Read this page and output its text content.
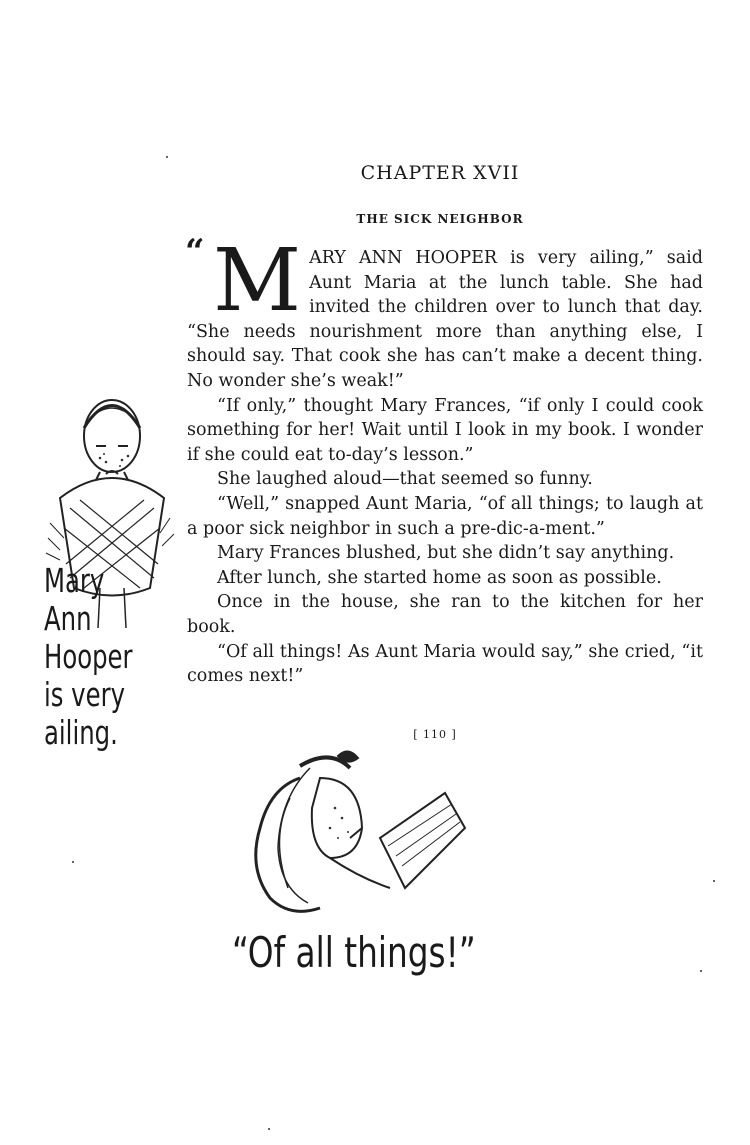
CHAPTER XVII
THE SICK NEIGHBOR
“ MARY ANN HOOPER is very ailing,” said Aunt Maria at the lunch table. She had invited the children over to lunch that day. “She needs nourishment more than anything else, I should say. That cook she has can’t make a decent thing. No wonder she’s weak!”

“If only,” thought Mary Frances, “if only I could cook something for her! Wait until I look in my book. I wonder if she could eat to-day’s lesson.”

She laughed aloud—that seemed so funny.

“Well,” snapped Aunt Maria, “of all things; to laugh at a poor sick neighbor in such a pre-dic-a-ment.”

Mary Frances blushed, but she didn’t say anything.

After lunch, she started home as soon as possible.

Once in the house, she ran to the kitchen for her book.

“Of all things! As Aunt Maria would say,” she cried, “it comes next!”

Mary Ann
Hooper
is very
ailing.	[ 110 ]
“Of all things!”
